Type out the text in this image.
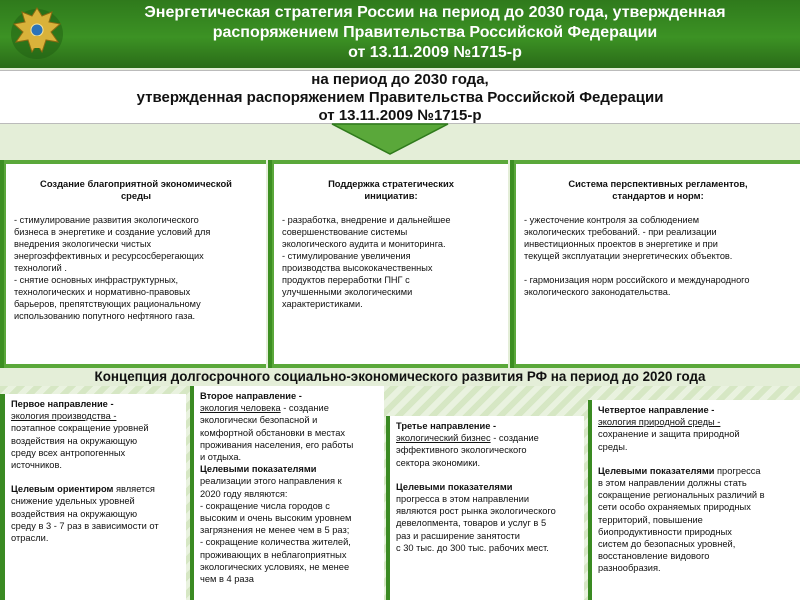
Энергетическая стратегия России на период до 2030 года, утвержденная
распоряжением Правительства Российской Федерации
от 13.11.2009 №1715-р
на период до 2030 года,
утвержденная распоряжением Правительства Российской Федерации
от 13.11.2009 №1715-р
Создание благоприятной экономической
среды
- стимулирование развития экологического
бизнеса в энергетике и создание условий для
внедрения экологически чистых
энергоэффективных и ресурсосберегающих
технологий .
- снятие основных инфраструктурных,
технологических и нормативно-правовых
барьеров, препятствующих рациональному
использованию попутного нефтяного газа.
Поддержка стратегических
инициатив:
- разработка, внедрение и дальнейшее
совершенствование системы
экологического аудита и мониторинга.
- стимулирование увеличения
производства высококачественных
продуктов переработки ПНГ с
улучшенными экологическими
характеристиками.
Система перспективных регламентов,
стандартов и норм:
- ужесточение контроля за соблюдением
экологических требований. - при реализации
инвестиционных проектов в энергетике и при
текущей эксплуатации энергетических объектов.
- гармонизация норм российского и международного
экологического законодательства.
Концепция долгосрочного социально-экономического развития РФ на период до 2020 года

Первое направление -

экология производства -

поэтапное сокращение уровней

воздействия на окружающую

среду всех антропогенных

источников.

Целевым ориентиром является

снижение удельных уровней

воздействия на окружающую

среду в 3 - 7 раз в зависимости от

отрасли.

Второе направление -

экология человека - создание

экологически безопасной и

комфортной обстановки в местах

проживания населения, его работы

и отдыха.

Целевыми показателями

реализации этого направления к

2020 году являются:

- сокращение числа городов с

высоким и очень высоким уровнем

загрязнения не менее чем в 5 раз;

- сокращение количества жителей,

проживающих в неблагоприятных

экологических условиях, не менее

чем в 4 раза

Третье направление -

экологический бизнес - создание

эффективного экологического

сектора экономики.

Целевыми показателями

прогресса в этом направлении

являются рост рынка экологического

девелопмента, товаров и услуг в 5

раз и расширение занятости

с 30 тыс. до 300 тыс. рабочих мест.

Четвертое направление -

экология природной среды -

сохранение и защита природной

среды.

Целевыми показателями прогресса

в этом направлении должны стать

сокращение региональных различий в

сети особо охраняемых природных

территорий, повышение

биопродуктивности природных

систем до безопасных уровней,

восстановление видового

разнообразия.
